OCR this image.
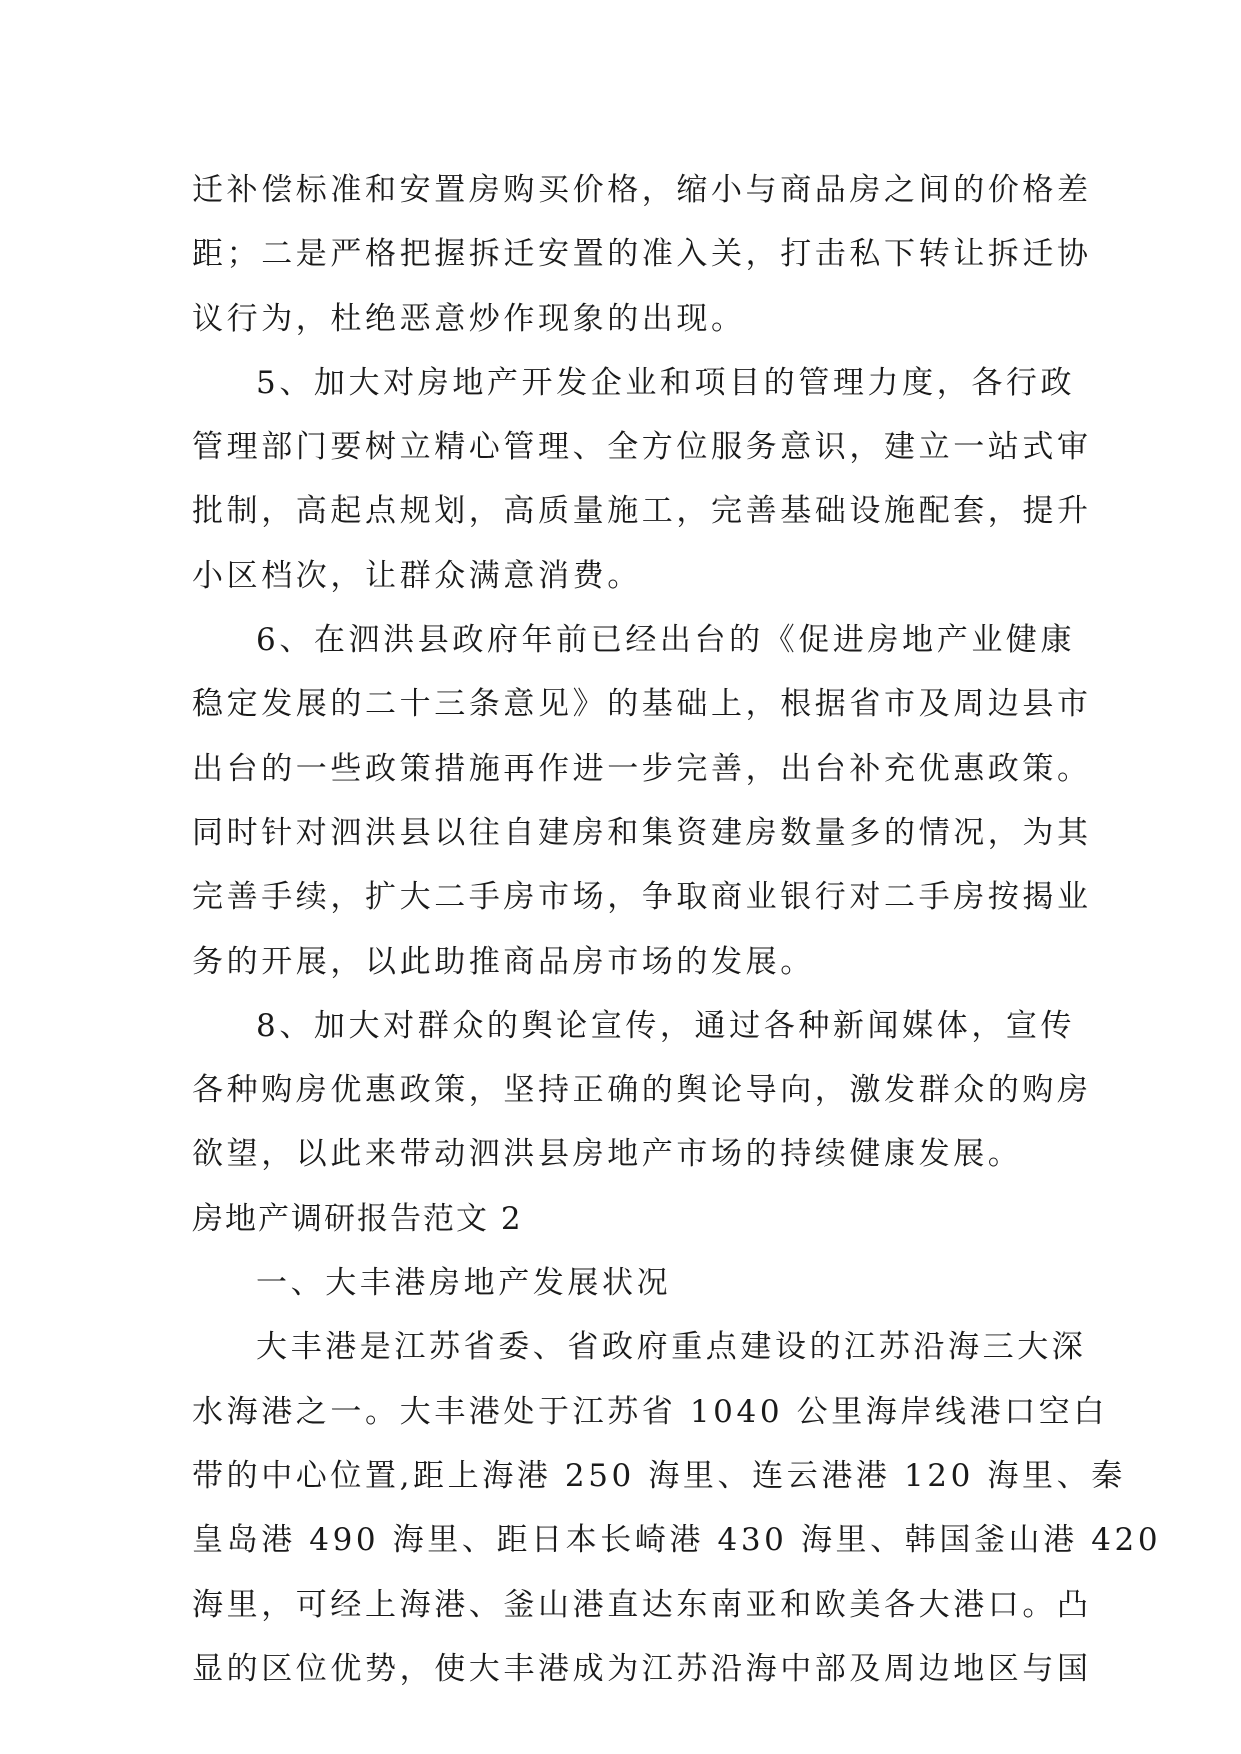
迁补偿标准和安置房购买价格，缩小与商品房之间的价格差
距；二是严格把握拆迁安置的准入关，打击私下转让拆迁协
议行为，杜绝恶意炒作现象的出现。
5、加大对房地产开发企业和项目的管理力度，各行政
管理部门要树立精心管理、全方位服务意识，建立一站式审
批制，高起点规划，高质量施工，完善基础设施配套，提升
小区档次，让群众满意消费。
6、在泗洪县政府年前已经出台的《促进房地产业健康
稳定发展的二十三条意见》的基础上，根据省市及周边县市
出台的一些政策措施再作进一步完善，出台补充优惠政策。
同时针对泗洪县以往自建房和集资建房数量多的情况，为其
完善手续，扩大二手房市场，争取商业银行对二手房按揭业
务的开展，以此助推商品房市场的发展。
8、加大对群众的舆论宣传，通过各种新闻媒体，宣传
各种购房优惠政策，坚持正确的舆论导向，激发群众的购房
欲望，以此来带动泗洪县房地产市场的持续健康发展。
房地产调研报告范文 2
一、大丰港房地产发展状况
大丰港是江苏省委、省政府重点建设的江苏沿海三大深
水海港之一。大丰港处于江苏省 1040 公里海岸线港口空白
带的中心位置,距上海港 250 海里、连云港港 120 海里、秦
皇岛港 490 海里、距日本长崎港 430 海里、韩国釜山港 420
海里，可经上海港、釜山港直达东南亚和欧美各大港口。凸
显的区位优势，使大丰港成为江苏沿海中部及周边地区与国
